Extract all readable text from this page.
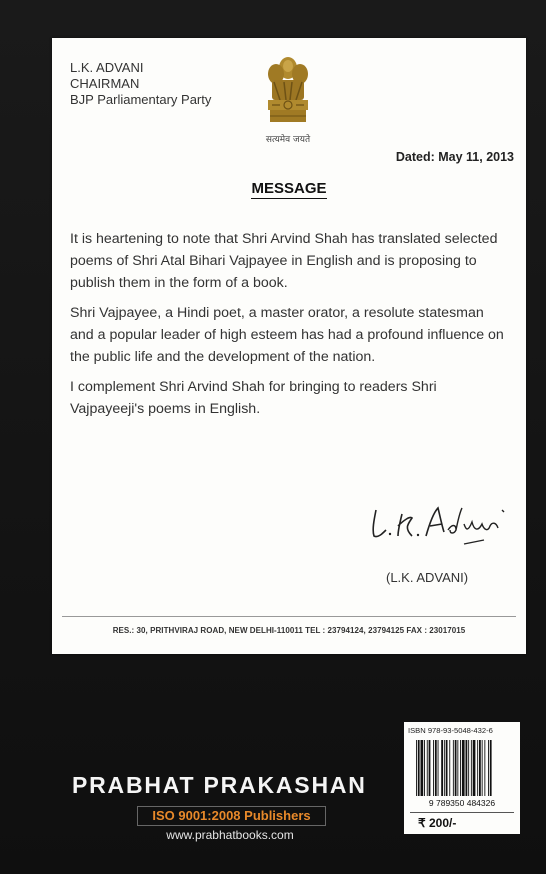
L.K. ADVANI
CHAIRMAN
BJP Parliamentary Party
सत्यमेव जयते
Dated: May 11, 2013
MESSAGE

It is heartening to note that Shri Arvind Shah has translated selected poems of Shri Atal Bihari Vajpayee in English and is proposing to publish them in the form of a book.

Shri Vajpayee, a Hindi poet, a master orator, a resolute statesman and a popular leader of high esteem has had a profound influence on the public life and the development of the nation.

I complement Shri Arvind Shah for bringing to readers Shri Vajpayeeji's poems in English.

(L.K. ADVANI)
RES.: 30, PRITHVIRAJ ROAD, NEW DELHI-110011 TEL : 23794124, 23794125 FAX : 23017015
ISBN 978-93-5048-432-6
9 789350 484326
₹ 200/-
PRABHAT PRAKASHAN
ISO 9001:2008 Publishers
www.prabhatbooks.com
